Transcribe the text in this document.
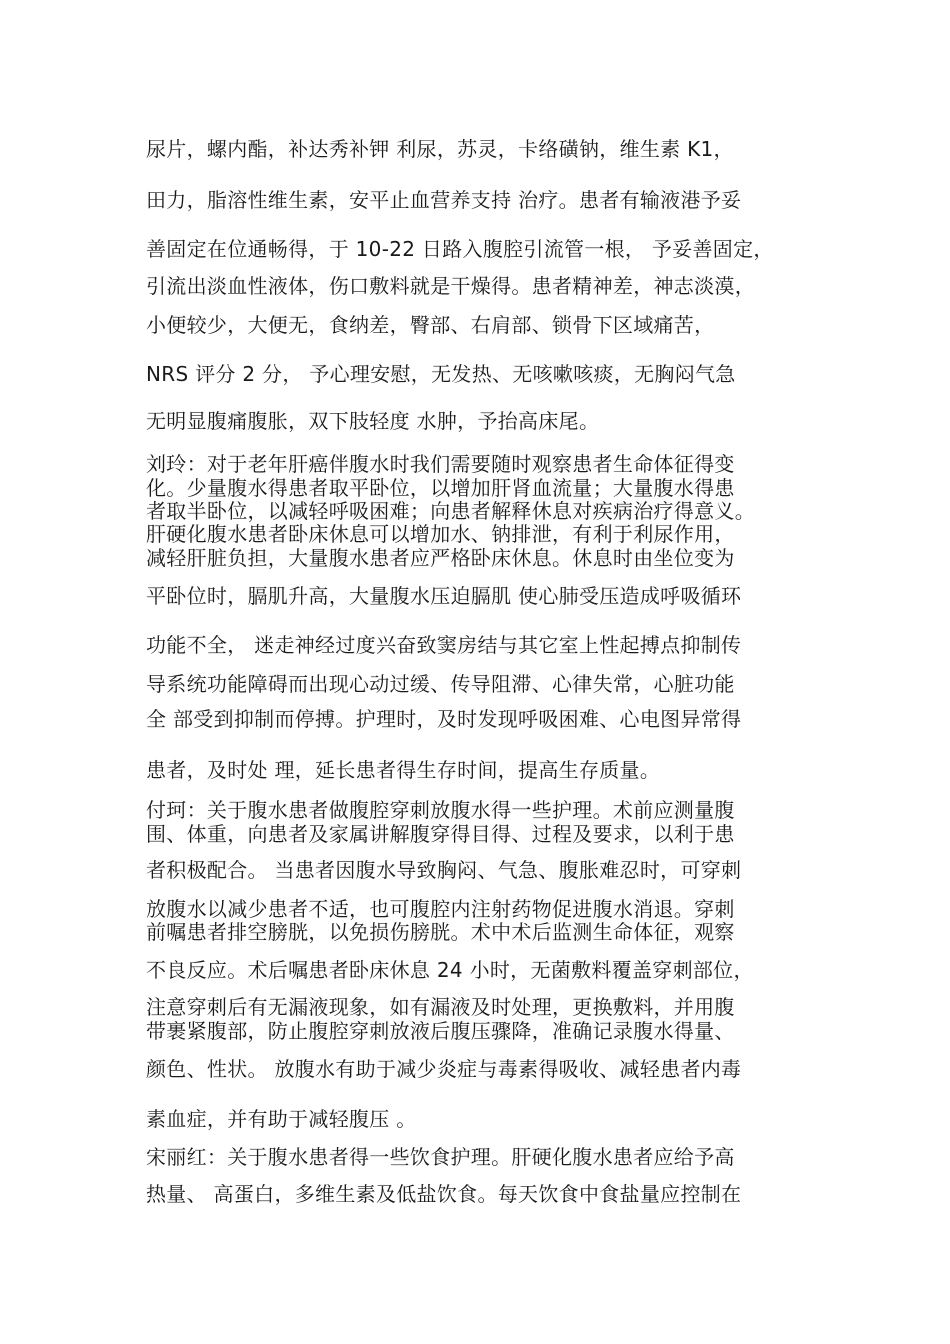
尿片，螺内酯，补达秀补钾 利尿，苏灵，卡络磺钠，维生素 K1，
田力，脂溶性维生素，安平止血营养支持 治疗。患者有输液港予妥
善固定在位通畅得，于 10-22 日路入腹腔引流管一根， 予妥善固定，
引流出淡血性液体，伤口敷料就是干燥得。患者精神差，神志淡漠，
小便较少，大便无，食纳差，臀部、右肩部、锁骨下区域痛苦，
NRS 评分 2 分， 予心理安慰，无发热、无咳嗽咳痰，无胸闷气急
无明显腹痛腹胀，双下肢轻度 水肿，予抬高床尾。
刘玲：对于老年肝癌伴腹水时我们需要随时观察患者生命体征得变
化。少量腹水得患者取平卧位，以增加肝肾血流量；大量腹水得患
者取半卧位，以减轻呼吸困难；向患者解释休息对疾病治疗得意义。
肝硬化腹水患者卧床休息可以增加水、钠排泄，有利于利尿作用，
减轻肝脏负担，大量腹水患者应严格卧床休息。休息时由坐位变为
平卧位时，膈肌升高，大量腹水压迫膈肌 使心肺受压造成呼吸循环
功能不全， 迷走神经过度兴奋致窦房结与其它室上性起搏点抑制传
导系统功能障碍而出现心动过缓、传导阻滞、心律失常，心脏功能
全 部受到抑制而停搏。护理时，及时发现呼吸困难、心电图异常得
患者，及时处 理，延长患者得生存时间，提高生存质量。
付珂：关于腹水患者做腹腔穿刺放腹水得一些护理。术前应测量腹
围、体重，向患者及家属讲解腹穿得目得、过程及要求，以利于患
者积极配合。 当患者因腹水导致胸闷、气急、腹胀难忍时，可穿刺
放腹水以减少患者不适，也可腹腔内注射药物促进腹水消退。穿刺
前嘱患者排空膀胱，以免损伤膀胱。术中术后监测生命体征，观察
不良反应。术后嘱患者卧床休息 24 小时，无菌敷料覆盖穿刺部位，
注意穿刺后有无漏液现象，如有漏液及时处理，更换敷料，并用腹
带裹紧腹部，防止腹腔穿刺放液后腹压骤降，准确记录腹水得量、
颜色、性状。 放腹水有助于减少炎症与毒素得吸收、减轻患者内毒
素血症，并有助于减轻腹压 。
宋丽红：关于腹水患者得一些饮食护理。肝硬化腹水患者应给予高
热量、 高蛋白，多维生素及低盐饮食。每天饮食中食盐量应控制在
